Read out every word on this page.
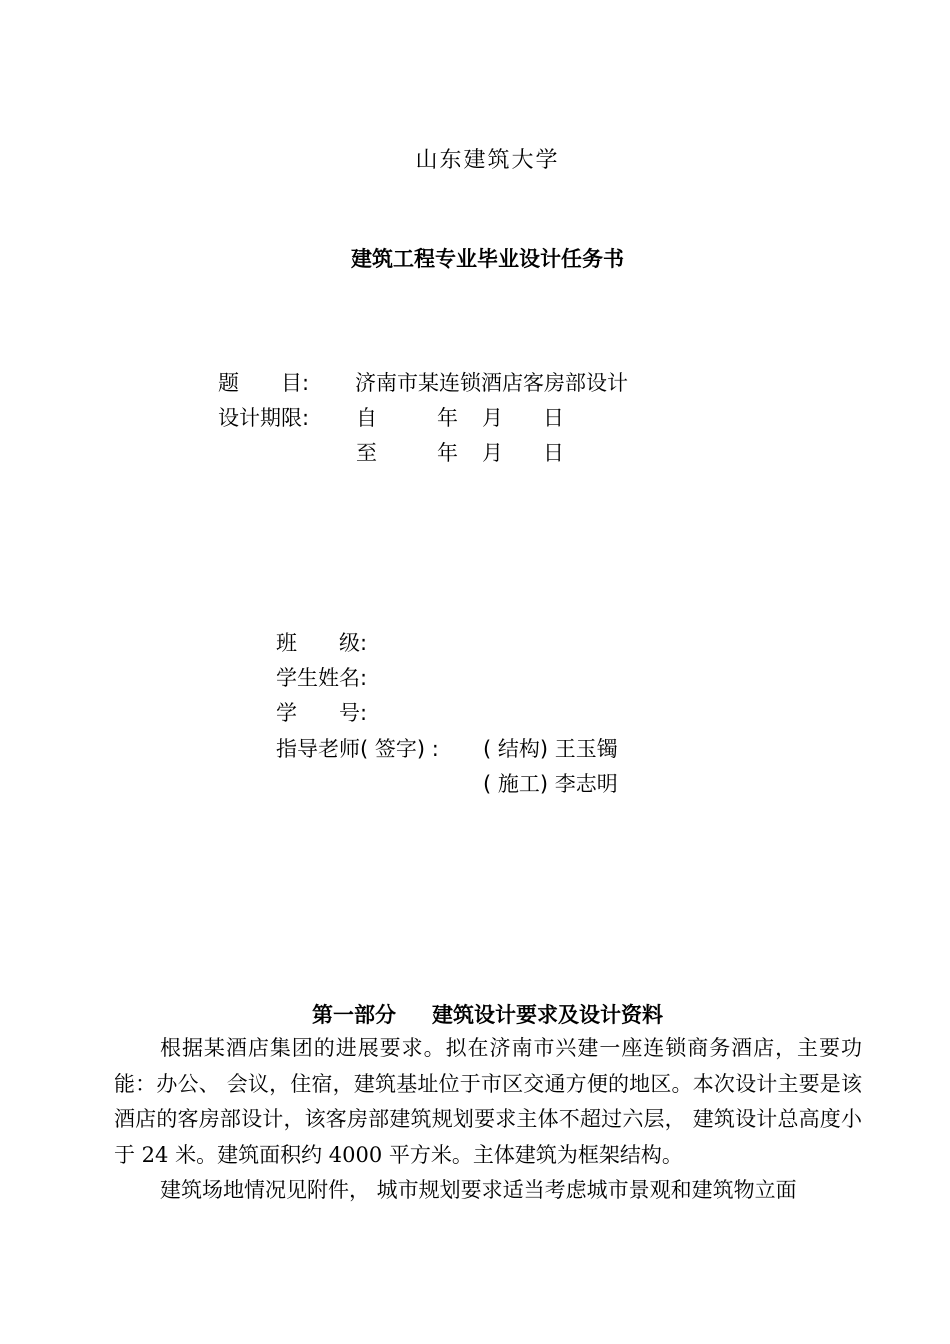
山东建筑大学
建筑工程专业毕业设计任务书
题　　目: 济南市某连锁酒店客房部设计
设计期限: 自	年 月 日
至	年 月 日
班　　级:
学生姓名:
学　　号:
指导老师( 签字) : ( 结构) 王玉镯
( 施工) 李志明
第一部分 建筑设计要求及设计资料

根据某酒店集团的进展要求。拟在济南市兴建一座连锁商务酒店，主要功能：办公、 会议，住宿，建筑基址位于市区交通方便的地区。本次设计主要是该酒店的客房部设计，该客房部建筑规划要求主体不超过六层， 建筑设计总高度小于 24 米。建筑面积约 4000 平方米。主体建筑为框架结构。

建筑场地情况见附件， 城市规划要求适当考虑城市景观和建筑物立面
